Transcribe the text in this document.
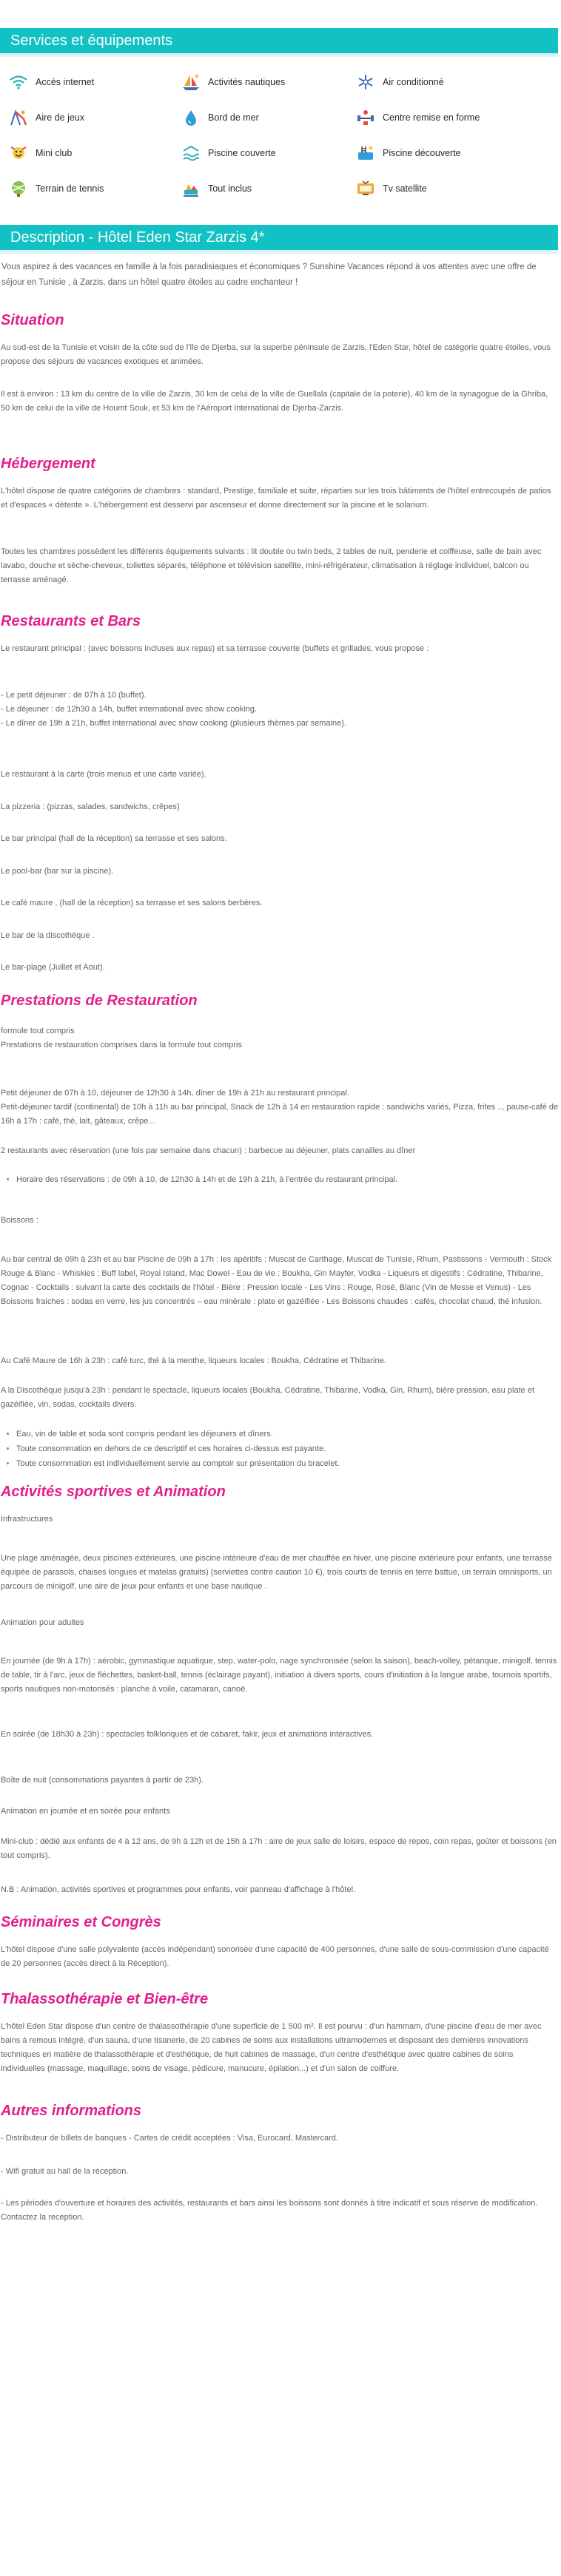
Services et équipements
Accès internet	Activités nautiques	Air conditionné
Aire de jeux	Bord de mer	Centre remise en forme
Mini club	Piscine couverte	Piscine découverte
Terrain de tennis	Tout inclus	Tv satellite
Description - Hôtel Eden Star Zarzis 4*

Vous aspirez à des vacances en famille à la fois paradisiaques et économiques ? Sunshine Vacances répond à vos attentes avec une offre de séjour en Tunisie , à Zarzis, dans un hôtel quatre étoiles au cadre enchanteur !

Situation

Au sud-est de la Tunisie et voisin de la côte sud de l'île de Djerba, sur la superbe péninsule de Zarzis, l'Eden Star, hôtel de catégorie quatre étoiles, vous propose des séjours de vacances exotiques et animées.

Il est à environ : 13 km du centre de la ville de Zarzis, 30 km de celui de la ville de Guellala (capitale de la poterie), 40 km de la synagogue de la Ghriba, 50 km de celui de la ville de Houmt Souk, et 53 km de l'Aéroport International de Djerba-Zarzis.

Hébergement

L'hôtel dispose de quatre catégories de chambres : standard, Prestige, familiale et suite, réparties sur les trois bâtiments de l'hôtel entrecoupés de patios et d'espaces « détente ». L'hébergement est desservi par ascenseur et donne directement sur la piscine et le solarium.

Toutes les chambres possèdent les différents équipements suivants : lit double ou twin beds, 2 tables de nuit, penderie et coiffeuse, salle de bain avec lavabo, douche et sèche-cheveux, toilettes séparés, téléphone et télévision satellite, mini-réfrigérateur, climatisation à réglage individuel, balcon ou terrasse aménagé.

Restaurants et Bars

Le restaurant principal : (avec boissons incluses aux repas) et sa terrasse couverte (buffets et grillades, vous propose :

- Le petit déjeuner : de 07h à 10 (buffet).
- Le déjeuner : de 12h30 à 14h, buffet international avec show cooking.
- Le dîner de 19h à 21h, buffet international avec show cooking (plusieurs thèmes par semaine).

Le restaurant à la carte (trois menus et une carte variée).

La pizzeria : (pizzas, salades, sandwichs, crêpes)

Le bar principal (hall de la réception) sa terrasse et ses salons.

Le pool-bar (bar sur la piscine).

Le café maure , (hall de la réception) sa terrasse et ses salons berbères.

Le bar de la discothèque .

Le bar-plage (Juillet et Aout).

Prestations de Restauration

formule tout compris
Prestations de restauration comprises dans la formule tout compris

Petit déjeuner de 07h à 10, déjeuner de 12h30 à 14h, dîner de 19h à 21h au restaurant principal.
Petit-déjeuner tardif (continental) de 10h à 11h au bar principal, Snack de 12h à 14 en restauration rapide : sandwichs variés, Pizza, frites .., pause-café de 16h à 17h : café, thé, lait, gâteaux, crêpe...

2 restaurants avec réservation (une fois par semaine dans chacun) : barbecue au déjeuner, plats canailles au dîner

• Horaire des réservations : de 09h à 10, de 12h30 à 14h et de 19h à 21h, à l'entrée du restaurant principal.

Boissons :

Au bar central de 09h à 23h et au bar Piscine de 09h à 17h : les apéritifs : Muscat de Carthage, Muscat de Tunisie, Rhum, Pastissons - Vermouth : Stock Rouge & Blanc - Whiskies : Buff label, Royal Island, Mac Dowel - Eau de vie : Boukha, Gin Mayfer, Vodka - Liqueurs et digestifs : Cédratine, Thibarine, Cognac - Cocktails : suivant la carte des cocktails de l'hôtel - Bière : Pression locale - Les Vins : Rouge, Rosé, Blanc (Vin de Messe et Venus) - Les Boissons fraiches : sodas en verre, les jus concentrés – eau minérale : plate et gazéifiée - Les Boissons chaudes : cafés, chocolat chaud, thé infusion.

Au Café Maure de 16h à 23h : café turc, thé à la menthe, liqueurs locales : Boukha, Cédratine et Thibarine.

A la Discothèque jusqu'à 23h : pendant le spectacle, liqueurs locales (Boukha, Cédratine, Thibarine, Vodka, Gin, Rhum), bière pression, eau plate et gazéifiée, vin, sodas, cocktails divers.

• Eau, vin de table et soda sont compris pendant les déjeuners et dîners.
• Toute consommation en dehors de ce descriptif et ces horaires ci-dessus est payante.
• Toute consommation est individuellement servie au comptoir sur présentation du bracelet.
Activités sportives et Animation

Infrastructures

Une plage aménagée, deux piscines extérieures, une piscine intérieure d'eau de mer chauffée en hiver, une piscine extérieure pour enfants, une terrasse équipée de parasols, chaises longues et matelas gratuits) (serviettes contre caution 10 €), trois courts de tennis en terre battue, un terrain omnisports, un parcours de minigolf, une aire de jeux pour enfants et une base nautique .

Animation pour adultes

En journée (de 9h à 17h) : aérobic, gymnastique aquatique, step, water-polo, nage synchronisée (selon la saison), beach-volley, pétanque, minigolf, tennis de table, tir à l'arc, jeux de fléchettes, basket-ball, tennis (éclairage payant), initiation à divers sports, cours d'initiation à la langue arabe, tournois sportifs, sports nautiques non-motorisés : planche à voile, catamaran, canoë.

En soirée (de 18h30 à 23h) : spectacles folkloriques et de cabaret, fakir, jeux et animations interactives.

Boîte de nuit (consommations payantes à partir de 23h).

Animation en journée et en soirée pour enfants

Mini-club : dédié aux enfants de 4 à 12 ans, de 9h à 12h et de 15h à 17h : aire de jeux salle de loisirs, espace de repos, coin repas, goûter et boissons (en tout compris).

N.B : Animation, activités sportives et programmes pour enfants, voir panneau d'affichage à l'hôtel.

Séminaires et Congrès

L'hôtel dispose d'une salle polyvalente (accès indépendant) sonorisée d'une capacité de 400 personnes, d'une salle de sous-commission d'une capacité de 20 personnes (accès direct à la Réception).

Thalassothérapie et Bien-être

L'hôtel Eden Star dispose d'un centre de thalassothérapie d'une superficie de 1 500 m². Il est pourvu : d'un hammam, d'une piscine d'eau de mer avec bains à remous intégré, d'un sauna, d'une tisanerie, de 20 cabines de soins aux installations ultramodernes et disposant des dernières innovations techniques en matière de thalassothérapie et d'esthétique, de huit cabines de massage, d'un centre d'esthétique avec quatre cabines de soins individuelles (massage, maquillage, soins de visage, pédicure, manucure, épilation...) et d'un salon de coiffure.

Autres informations

- Distributeur de billets de banques - Cartes de crédit acceptées : Visa, Eurocard, Mastercard.

- Wifi gratuit au hall de la réception.

- Les périodes d'ouverture et horaires des activités, restaurants et bars ainsi les boissons sont donnés à titre indicatif et sous réserve de modification. Contactez la reception.
